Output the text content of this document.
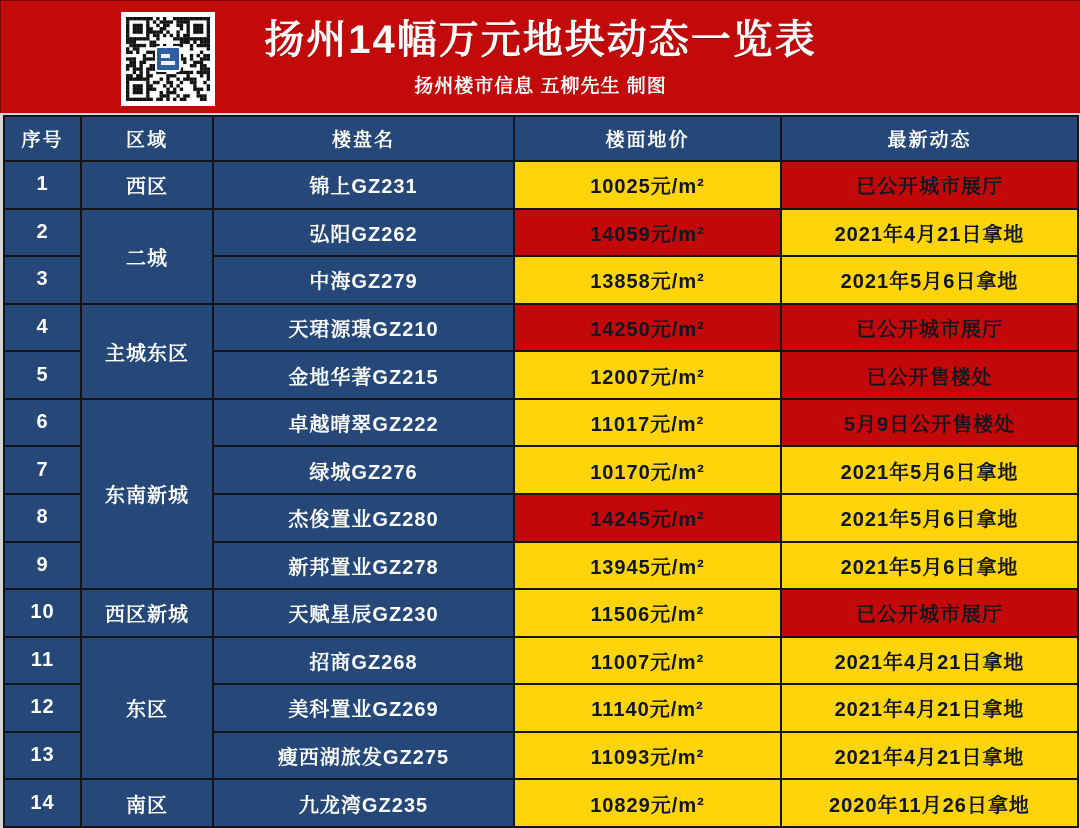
扬州14幅万元地块动态一览表
扬州楼市信息 五柳先生 制图
序号	区域	楼盘名	楼面地价	最新动态
1	西区	锦上GZ231	10025元/m²	已公开城市展厅
2	二城	弘阳GZ262	14059元/m²	2021年4月21日拿地
3		中海GZ279	13858元/m²	2021年5月6日拿地
4	主城东区	天珺源璟GZ210	14250元/m²	已公开城市展厅
5		金地华著GZ215	12007元/m²	已公开售楼处
6	东南新城	卓越晴翠GZ222	11017元/m²	5月9日公开售楼处
7		绿城GZ276	10170元/m²	2021年5月6日拿地
8		杰俊置业GZ280	14245元/m²	2021年5月6日拿地
9		新邦置业GZ278	13945元/m²	2021年5月6日拿地
10	西区新城	天赋星辰GZ230	11506元/m²	已公开城市展厅
11	东区	招商GZ268	11007元/m²	2021年4月21日拿地
12		美科置业GZ269	11140元/m²	2021年4月21日拿地
13		瘦西湖旅发GZ275	11093元/m²	2021年4月21日拿地
14	南区	九龙湾GZ235	10829元/m²	2020年11月26日拿地
